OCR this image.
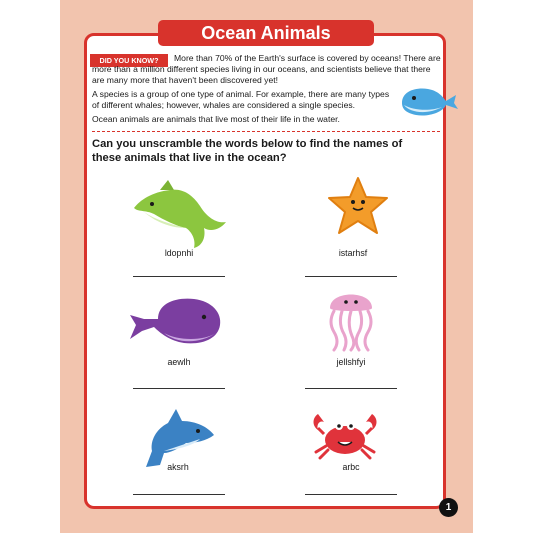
Ocean Animals
DID YOU KNOW?	More than 70% of the Earth's surface is covered by oceans! There are more than a million different species living in our oceans, and scientists believe that there are many more that haven't been discovered yet!
A species is a group of one type of animal. For example, there are many types of different whales; however, whales are considered a single species.
Ocean animals are animals that live most of their life in the water.
Can you unscramble the words below to find the names of these animals that live in the ocean?
ldopnhi	istarhsf
aewlh	jellshfyi
aksrh	arbc
1
